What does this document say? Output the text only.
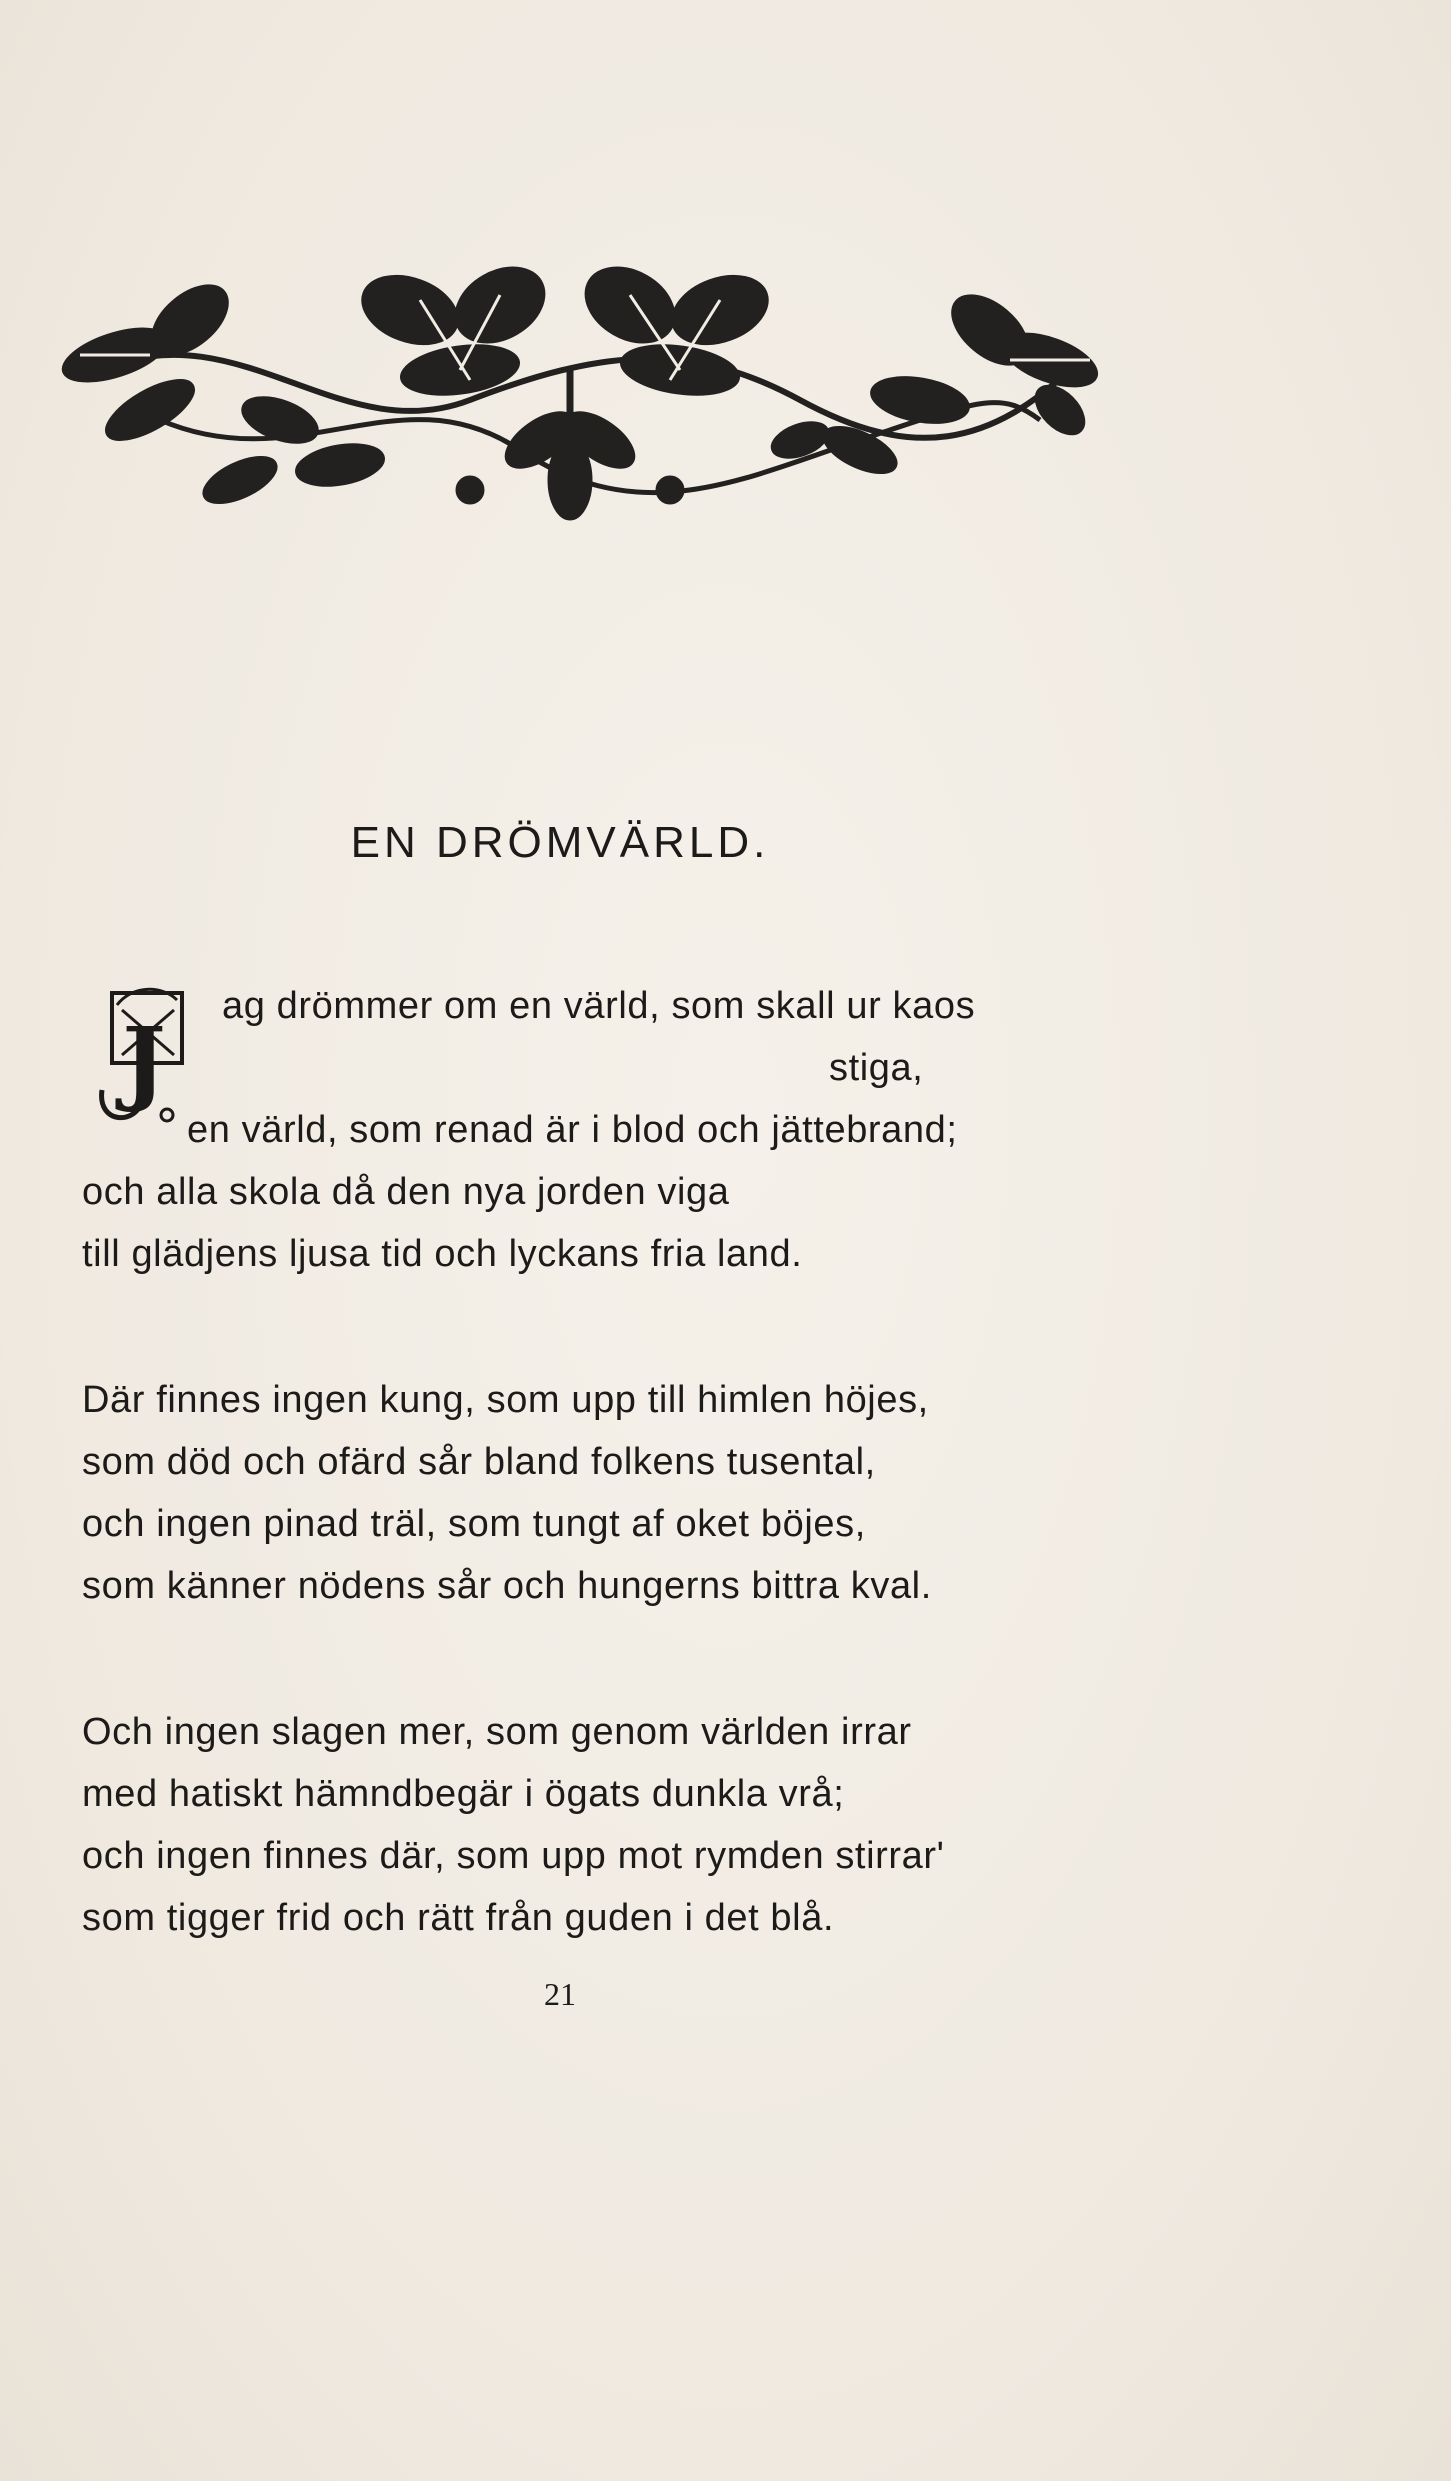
EN DRÖMVÄRLD.
J
ag drömmer om en värld, som skall ur kaos
stiga,
en värld, som renad är i blod och jättebrand;
och alla skola då den nya jorden viga
till glädjens ljusa tid och lyckans fria land.
Där finnes ingen kung, som upp till himlen höjes,
som död och ofärd sår bland folkens tusental,
och ingen pinad träl, som tungt af oket böjes,
som känner nödens sår och hungerns bittra kval.
Och ingen slagen mer, som genom världen irrar
med hatiskt hämndbegär i ögats dunkla vrå;
och ingen finnes där, som upp mot rymden stirrar'
som tigger frid och rätt från guden i det blå.
21
